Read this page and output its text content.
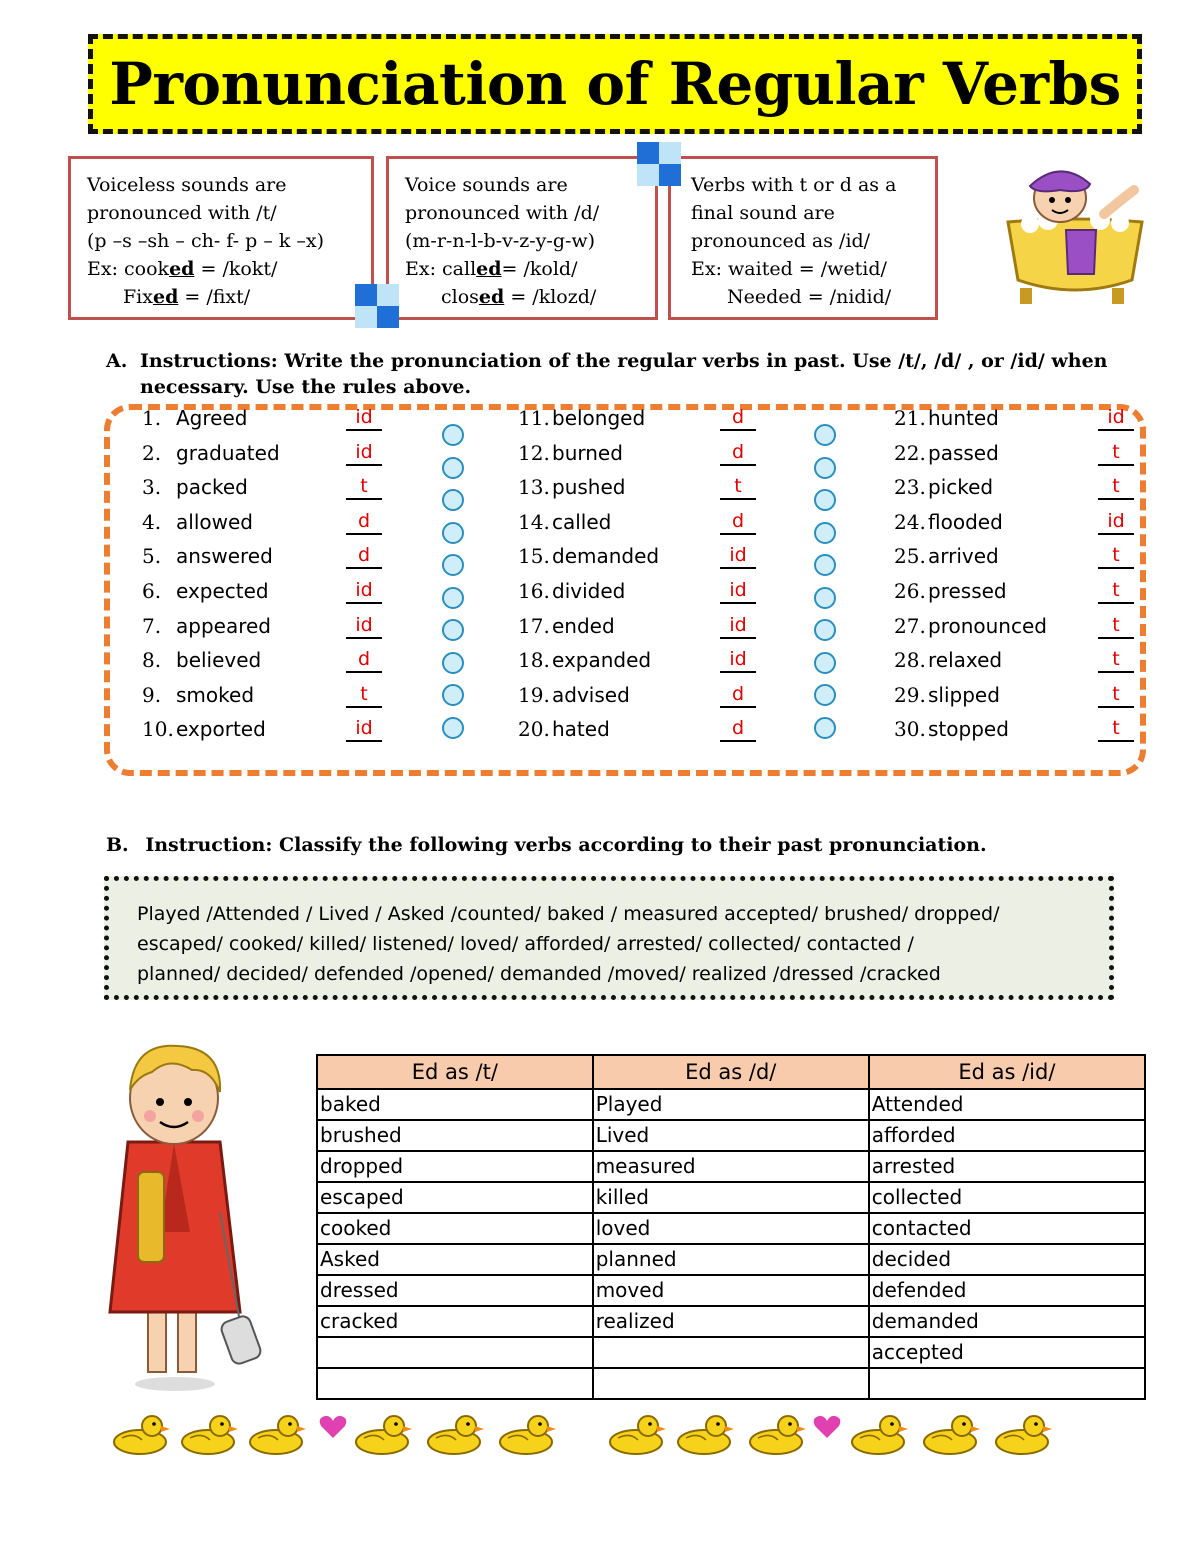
Pronunciation of Regular Verbs
Voiceless sounds are
pronounced with /t/
(p –s –sh – ch- f- p – k –x)
Ex: cooked = /kokt/
Fixed = /fixt/
Voice sounds are
pronounced with /d/
(m-r-n-l-b-v-z-y-g-w)
Ex: called= /kold/
closed = /klozd/
Verbs with t or d as a
final sound are
pronounced as /id/
Ex: waited = /wetid/
Needed = /nidid/
A. Instructions: Write the pronunciation of the regular verbs in past. Use /t/, /d/ , or /id/ when necessary. Use the rules above.
1. Agreed	id
2. graduated	id
3. packed	t
4. allowed	d
5. answered	d
6. expected	id
7. appeared	id
8. believed	d
9. smoked	t
10. exported	id
11. belonged	d
12. burned	d
13. pushed	t
14. called	d
15. demanded	id
16. divided	id
17. ended	id
18. expanded	id
19. advised	d
20. hated	d
21. hunted	id
22. passed	t
23. picked	t
24. flooded	id
25. arrived	t
26. pressed	t
27. pronounced	t
28. relaxed	t
29. slipped	t
30. stopped	t
B. Instruction: Classify the following verbs according to their past pronunciation.
Played /Attended / Lived / Asked /counted/ baked / measured accepted/ brushed/ dropped/
escaped/ cooked/ killed/ listened/ loved/ afforded/ arrested/ collected/ contacted /
planned/ decided/ defended /opened/ demanded /moved/ realized /dressed /cracked
Ed as /t/	Ed as /d/	Ed as /id/
baked	Played	Attended
brushed	Lived	afforded
dropped	measured	arrested
escaped	killed	collected
cooked	loved	contacted
Asked	planned	decided
dressed	moved	defended
cracked	realized	demanded
		accepted
